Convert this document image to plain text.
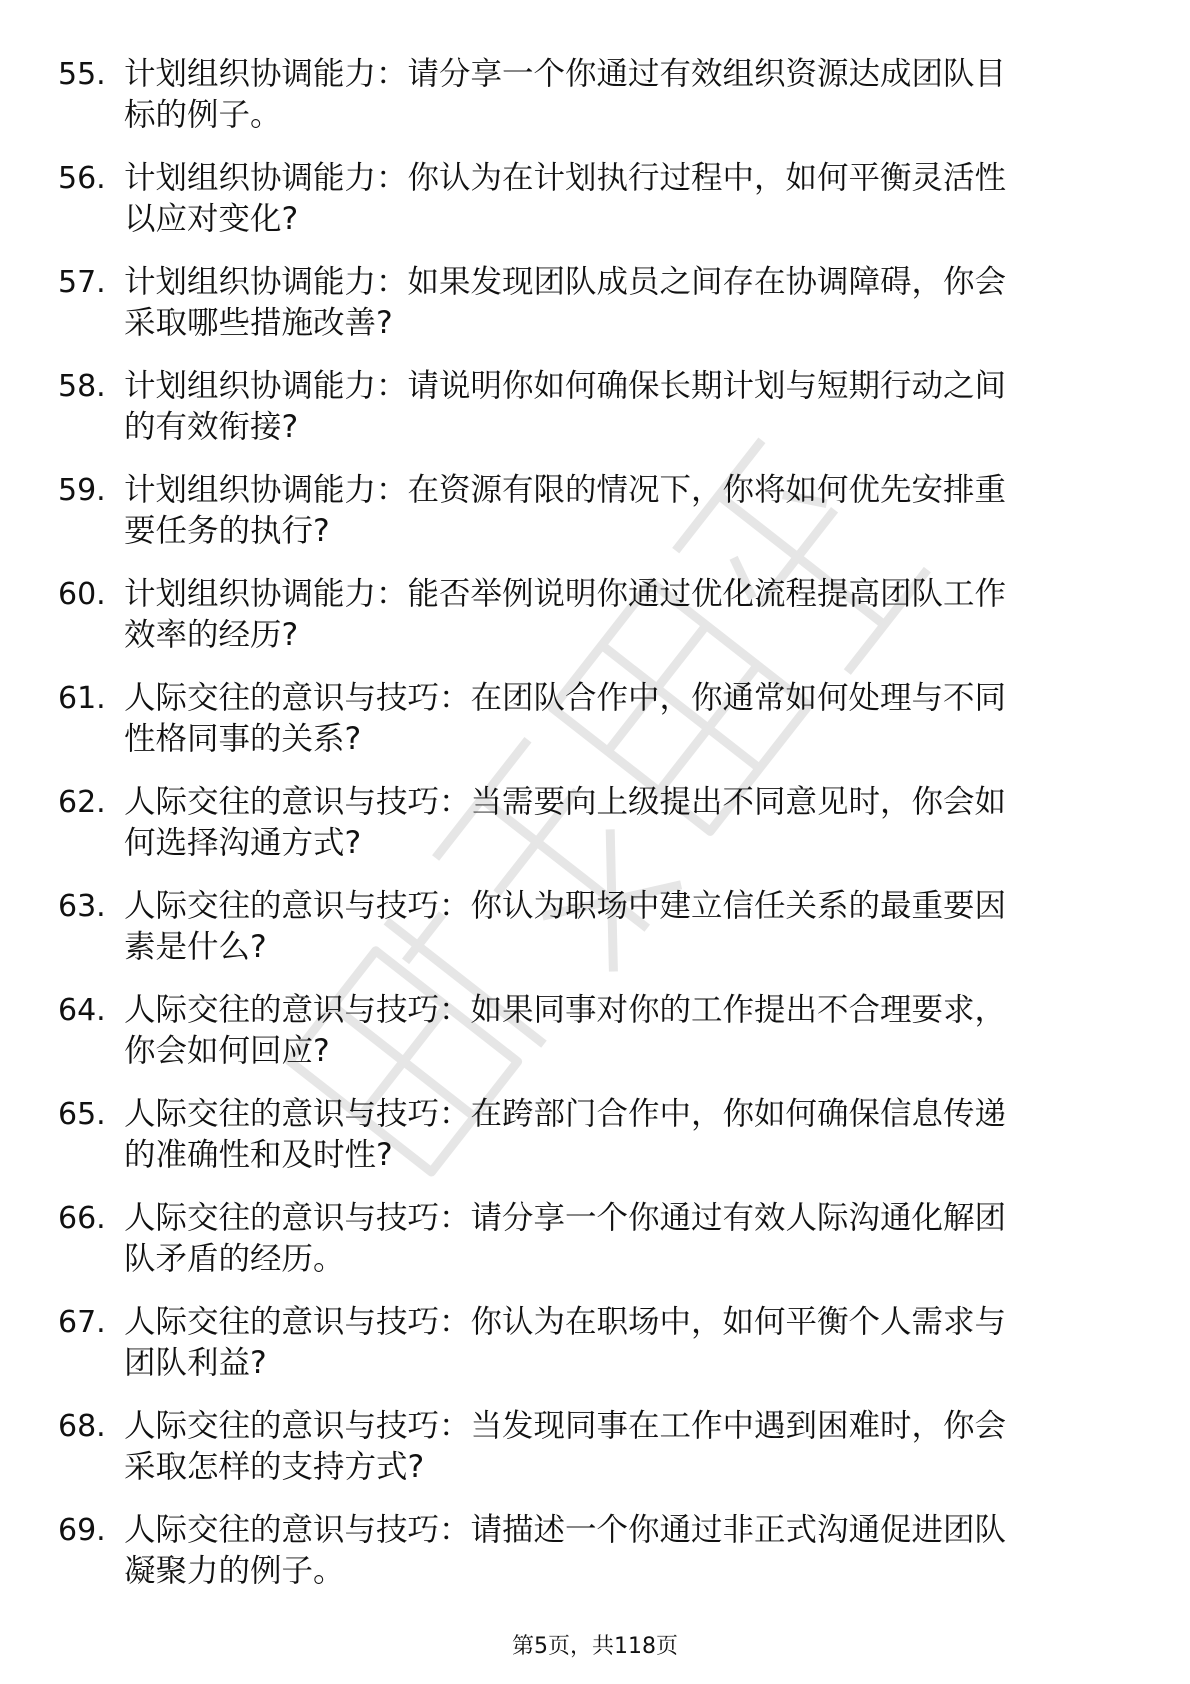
55. 计划组织协调能力：请分享一个你通过有效组织资源达成团队目
标的例子。
56. 计划组织协调能力：你认为在计划执行过程中，如何平衡灵活性
以应对变化?
57. 计划组织协调能力：如果发现团队成员之间存在协调障碍，你会
采取哪些措施改善?
58. 计划组织协调能力：请说明你如何确保长期计划与短期行动之间
的有效衔接?
59. 计划组织协调能力：在资源有限的情况下，你将如何优先安排重
要任务的执行?
60. 计划组织协调能力：能否举例说明你通过优化流程提高团队工作
效率的经历?
61. 人际交往的意识与技巧：在团队合作中，你通常如何处理与不同
性格同事的关系?
62. 人际交往的意识与技巧：当需要向上级提出不同意见时，你会如
何选择沟通方式?
63. 人际交往的意识与技巧：你认为职场中建立信任关系的最重要因
素是什么?
64. 人际交往的意识与技巧：如果同事对你的工作提出不合理要求，
你会如何回应?
65. 人际交往的意识与技巧：在跨部门合作中，你如何确保信息传递
的准确性和及时性?
66. 人际交往的意识与技巧：请分享一个你通过有效人际沟通化解团
队矛盾的经历。
67. 人际交往的意识与技巧：你认为在职场中，如何平衡个人需求与
团队利益?
68. 人际交往的意识与技巧：当发现同事在工作中遇到困难时，你会
采取怎样的支持方式?
69. 人际交往的意识与技巧：请描述一个你通过非正式沟通促进团队
凝聚力的例子。
第5页，共118页
